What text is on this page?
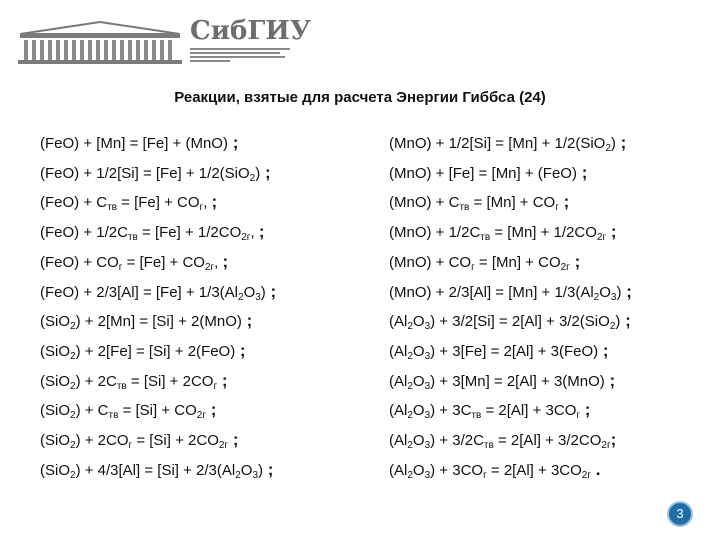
СибГИУ
Реакции, взятые для расчета Энергии Гиббса (24)
(FeO) + [Mn] = [Fe] + (MnO) ;
(FeO) + 1/2[Si] = [Fe] + 1/2(SiO$_2$) ;
$(FeO) + C_{тв} = [Fe] + CO_г$, ;
$(FeO) + 1/2C_{тв} = [Fe] + 1/2CO_{2г}$, ;
$(FeO) + CO_г = [Fe] + CO_{2г}$, ;
$(FeO) + 2/3[Al] = [Fe] + 1/3(Al_2O_3)$ ;
(SiO$_2$) + 2[Mn] = [Si] + 2(MnO) ;
(SiO$_2$) + 2[Fe] = [Si] + 2(FeO) ;
$(SiO_2) + 2C_{тв} = [Si] + 2CO_г$ ;
$(SiO_2) + C_{тв} = [Si] + CO_{2г}$ ;
$(SiO_2) + 2CO_г = [Si] + 2CO_{2г}$ ;
$(SiO_2) + 4/3[Al] = [Si] + 2/3(Al_2O_3)$ ;
(MnO) + 1/2[Si] = [Mn] + 1/2(SiO$_2$) ;
(MnO) + [Fe] = [Mn] + (FeO) ;
$(MnO) + C_{тв} = [Mn] + CO_г$ ;
$(MnO) + 1/2C_{тв} = [Mn] + 1/2CO_{2г}$ ;
$(MnO) + CO_г = [Mn] + CO_{2г}$ ;
$(MnO) + 2/3[Al] = [Mn] + 1/3(Al_2O_3)$ ;
$(Al_2O_3) + 3/2[Si] = 2[Al] + 3/2(SiO_2)$ ;
$(Al_2O_3) + 3[Fe] = 2[Al] + 3(FeO)$ ;
$(Al_2O_3) + 3[Mn] = 2[Al] + 3(MnO)$ ;
$(Al_2O_3) + 3C_{тв} = 2[Al] + 3CO_г$ ;
$(Al_2O_3) + 3/2C_{тв} = 2[Al] + 3/2CO_{2г}$;
$(Al_2O_3) + 3CO_г = 2[Al] + 3CO_{2г}$ .
3
